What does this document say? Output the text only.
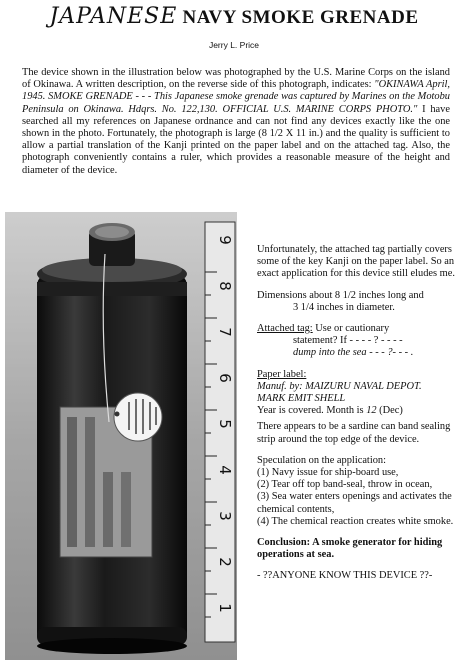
JAPANESE NAVY SMOKE GRENADE
Jerry L. Price
The device shown in the illustration below was photographed by the U.S. Marine Corps on the island of Okinawa. A written description, on the reverse side of this photograph, indicates: "OKINAWA April, 1945. SMOKE GRENADE - - - This Japanese smoke grenade was captured by Marines on the Motobu Peninsula on Okinawa. Hdqrs. No. 122,130. OFFICIAL U.S. MARINE CORPS PHOTO." I have searched all my references on Japanese ordnance and can not find any devices exactly like the one shown in the photo. Fortunately, the photograph is large (8 1/2 X 11 in.) and the quality is sufficient to allow a partial translation of the Kanji printed on the paper label and on the attached tag. Also, the photograph conveniently contains a ruler, which provides a reasonable measure of the height and diameter of the device.
9
8
7
6
5
4
3
2
1

Unfortunately, the attached tag partially covers some of the key Kanji on the paper label. So an exact application for this device still eludes me.

Dimensions about 8 1/2 inches long and
3 1/4 inches in diameter.

Attached tag: Use or cautionary
statement? If - - - - ? - - - -
dump into the sea - - - ?- - - .

Paper label:
Manuf. by: MAIZURU NAVAL DEPOT.
MARK EMIT SHELL
Year is covered. Month is 12 (Dec)

There appears to be a sardine can band sealing strip around the top edge of the device.

Speculation on the application:
(1) Navy issue for ship-board use,
(2) Tear off top band-seal, throw in ocean,
(3) Sea water enters openings and activates the chemical contents,
(4) The chemical reaction creates white smoke.

Conclusion: A smoke generator for hiding operations at sea.

- ??ANYONE KNOW THIS DEVICE ??-
